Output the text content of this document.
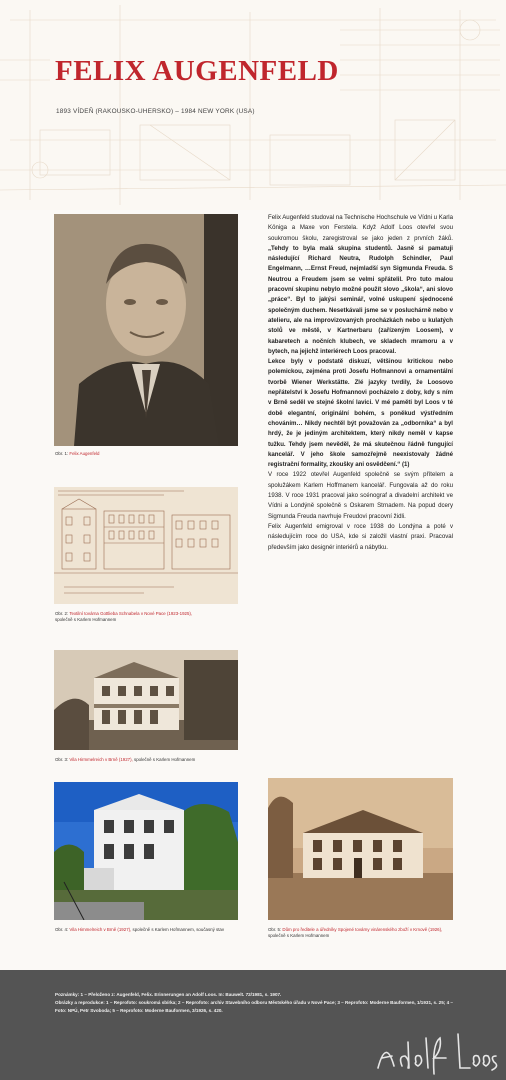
FELIX AUGENFELD

1893 VÍDEŇ (RAKOUSKO-UHERSKO) – 1984 NEW YORK (USA)

Obr. 1: Felix Augenfeld
Obr. 2: Textilní továrna Gottlieba Schnabela v Nové Pace (1923-1925),
společně s Karlem Hofmannem
Obr. 3: Vila Hirmmelreich v Brně (1927), společně s Karlem Hofmannem
Obr. 4: Vila Himmelreich v Brně (1927), společně s Karlem Hofmannem, současný stav	Obr. 5: Dům pro ředitele a úředníky Spojené továrny vinárenského zboží v Krnově (1926), společně s Karlem Hofmannem

Felix Augenfeld studoval na Technische Hochschule ve Vídni u Karla Königa a Maxe von Ferstela. Když Adolf Loos otevřel svou soukromou školu, zaregistroval se jako jeden z prvních žáků. „Tehdy to byla malá skupina studentů. Jasně si pamatuji následující Richard Neutra, Rudolph Schindler, Paul Engelmann, …Ernst Freud, nejmladší syn Sigmunda Freuda. S Neutrou a Freudem jsem se velmi spřátelil. Pro tuto malou pracovní skupinu nebylo možné použít slovo „škola“, ani slovo „práce“. Byl to jakýsi seminář, volné uskupení sjednocené společným duchem. Nesetkávali jsme se v posluchárně nebo v atelieru, ale na improvizovaných procházkách nebo u kulatých stolů ve městě, v Kartnerbaru (zařízeným Loosem), v kabaretech a nočních klubech, ve skladech mramoru a v bytech, na jejichž interiérech Loos pracoval.

Lekce byly v podstatě diskuzí, většinou kritickou nebo polemickou, zejména proti Josefu Hofmannovi a ornamentální tvorbě Wiener Werkstätte. Zlé jazyky tvrdily, že Loosovo nepřátelství k Josefu Hofmannovi pocházelo z doby, kdy s ním v Brně seděl ve stejné školní lavici. V mé paměti byl Loos v té době elegantní, originální bohém, s poněkud výstředním chováním… Nikdy nechtěl být považován za „odborníka“ a byl hrdý, že je jediným architektem, který nikdy neměl v kapse tužku. Tehdy jsem nevěděl, že má skutečnou řádně fungující kancelář. V jeho škole samozřejmě neexistovaly žádné registrační formality, zkoušky ani osvědčení.“ (1)

V roce 1922 otevřel Augenfeld společně se svým přítelem a spolužákem Karlem Hoffmanem kancelář. Fungovala až do roku 1938. V roce 1931 pracoval jako scénograf a divadelní architekt ve Vídni a Londýně společně s Oskarem Strnadem. Na popud dcery Sigmunda Freuda navrhuje Freudovi pracovní židli.

Felix Augenfeld emigroval v roce 1938 do Londýna a poté v následujícím roce do USA, kde si založil vlastní praxi. Pracoval především jako designér interiérů a nábytku.

Poznámky: 1 – Přeloženo z: Augenfeld, Felix. Erinnerungen an Adolf Loos. In: Bauwelt. 72/1981, s. 1907.

Obrázky a reprodukce: 1 – Reprofoto: soukromá sbírka; 2 – Reprofoto: archiv Stavebního odboru Městského úřadu v Nové Pace; 3 – Reprofoto: Moderne Bauformen, 1/1931, s. 25; 4 – Foto: NPÚ, Petr Svoboda; 5 – Reprofoto: Moderne Bauformen, 3/1926, s. 420.
